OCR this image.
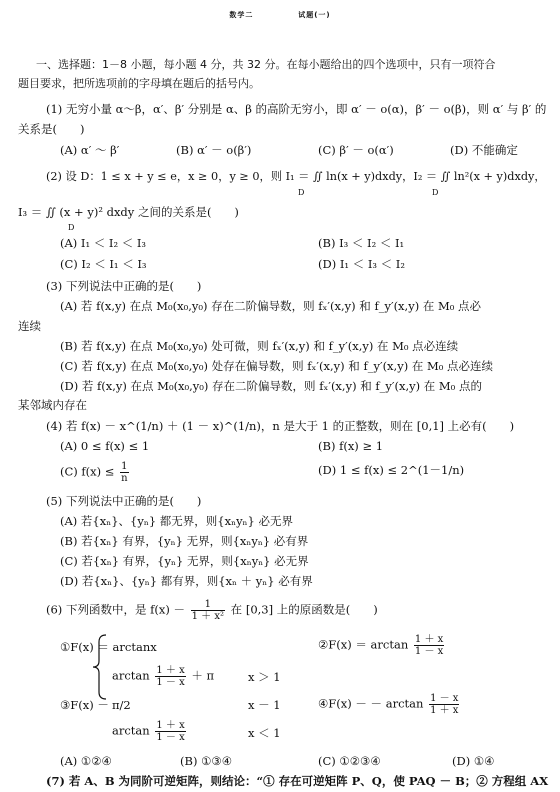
数学二	试题(一)
一、选择题：1－8 小题，每小题 4 分，共 32 分。在每小题给出的四个选项中，只有一项符合
题目要求，把所选项前的字母填在题后的括号内。
(1) 无穷小量 α～β，α′、β′ 分别是 α、β 的高阶无穷小，即 α′ － o(α)，β′ － o(β)，则 α′ 与 β′ 的
关系是(　　)
(A) α′ ～ β′	(B) α′ － o(β′)	(C) β′ － o(α′)	(D) 不能确定
(2) 设 D：1 ≤ x + y ≤ e，x ≥ 0，y ≥ 0，则 I₁ ＝ ∬ ln(x + y)dxdy，I₂ ＝ ∬ ln²(x + y)dxdy，
D	D
I₃ ＝ ∬ (x + y)² dxdy 之间的关系是(　　)
D
(A) I₁ ＜ I₂ ＜ I₃	(B) I₃ ＜ I₂ ＜ I₁
(C) I₂ ＜ I₁ ＜ I₃	(D) I₁ ＜ I₃ ＜ I₂
(3) 下列说法中正确的是(　　)
(A) 若 f(x,y) 在点 M₀(x₀,y₀) 存在二阶偏导数，则 fₓ′(x,y) 和 f_y′(x,y) 在 M₀ 点必
连续
(B) 若 f(x,y) 在点 M₀(x₀,y₀) 处可微，则 fₓ′(x,y) 和 f_y′(x,y) 在 M₀ 点必连续
(C) 若 f(x,y) 在点 M₀(x₀,y₀) 处存在偏导数，则 fₓ′(x,y) 和 f_y′(x,y) 在 M₀ 点必连续
(D) 若 f(x,y) 在点 M₀(x₀,y₀) 存在二阶偏导数，则 fₓ′(x,y) 和 f_y′(x,y) 在 M₀ 点的
某邻域内存在
(4) 若 f(x) － x^(1/n) ＋ (1 － x)^(1/n)，n 是大于 1 的正整数，则在 [0,1] 上必有(　　)
(A) 0 ≤ f(x) ≤ 1	(B) f(x) ≥ 1
(C) $f(x) \le \frac{1}{n}$	(D) 1 ≤ f(x) ≤ 2^(1－1/n)
(5) 下列说法中正确的是(　　)
(A) 若{xₙ}、{yₙ} 都无界，则{xₙyₙ} 必无界
(B) 若{xₙ} 有界，{yₙ} 无界，则{xₙyₙ} 必有界
(C) 若{xₙ} 有界，{yₙ} 无界，则{xₙyₙ} 必无界
(D) 若{xₙ}、{yₙ} 都有界，则{xₙ ＋ yₙ} 必有界
(6) 下列函数中，是 $f(x) - \frac{1}{\text{1 ＋ x²}}$ 在 [0,3] 上的原函数是(　　)
①F(x) ＝ arctanx	②F(x) ＝ $\arctan \frac{1 + x}{1 - x}$
③F(x) －
$\arctan \frac{1 + x}{1 - x} + \pi$	x ＞ 1
π/2	x － 1
$\arctan \frac{1 + x}{1 - x}$	x ＜ 1
④F(x) － － $\arctan \frac{1 - x}{1 + x}$
(A) ①②④	(B) ①③④	(C) ①②③④	(D) ①④
(7) 若 A、B 为同阶可逆矩阵，则结论：“① 存在可逆矩阵 P、Q，使 PAQ － B；② 方程组 AX
